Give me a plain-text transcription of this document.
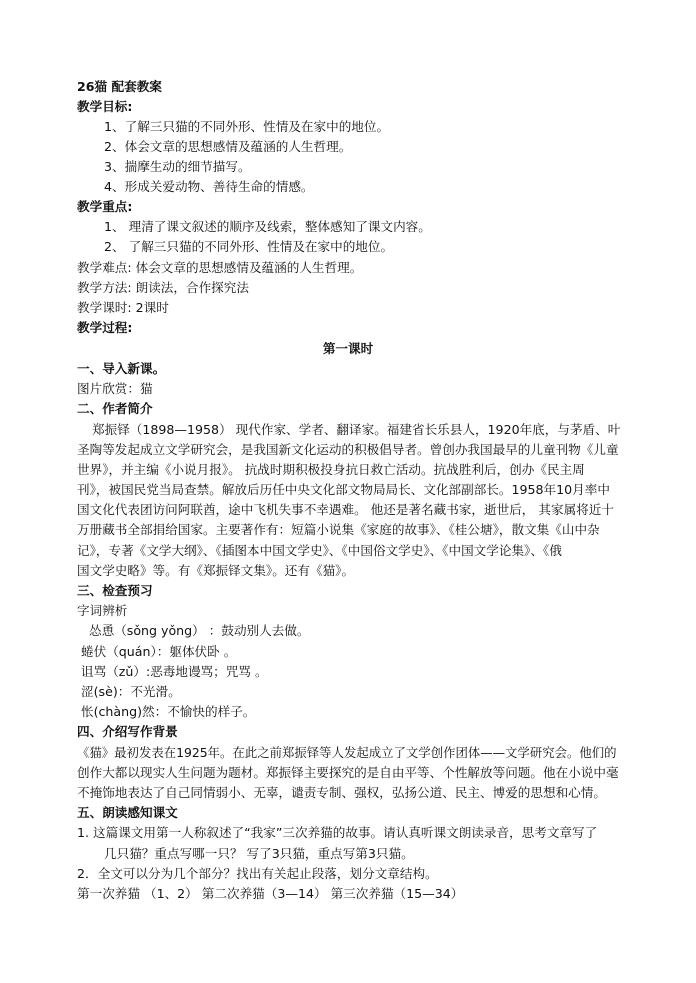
26猫 配套教案
教学目标:
1、了解三只猫的不同外形、性情及在家中的地位。
2、体会文章的思想感情及蕴涵的人生哲理。
3、揣摩生动的细节描写。
4、形成关爱动物、善待生命的情感。
教学重点:
1、 理清了课文叙述的顺序及线索，整体感知了课文内容。
2、 了解三只猫的不同外形、性情及在家中的地位。
教学难点: 体会文章的思想感情及蕴涵的人生哲理。
教学方法: 朗读法，合作探究法
教学课时: 2课时
教学过程:
第一课时
一、导入新课。
图片欣赏：猫
二、作者简介
郑振铎（1898—1958） 现代作家、学者、翻译家。福建省长乐县人，1920年底，与茅盾、叶
圣陶等发起成立文学研究会，是我国新文化运动的积极倡导者。曾创办我国最早的儿童刊物《儿童
世界》，并主编《小说月报》。 抗战时期积极投身抗日救亡活动。抗战胜利后，创办《民主周
刊》，被国民党当局查禁。解放后历任中央文化部文物局局长、文化部副部长。1958年10月率中
国文化代表团访问阿联酋，途中飞机失事不幸遇难。 他还是著名藏书家，逝世后， 其家属将近十
万册藏书全部捐给国家。主要著作有：短篇小说集《家庭的故事》、《桂公塘》，散文集《山中杂
记》，专著《文学大纲》、《插图本中国文学史》、《中国俗文学史》、《中国文学论集》、《俄
国文学史略》等。有《郑振铎文集》。还有《猫》。
三、检查预习
字词辨析
怂恿（sǒng yǒng） ：鼓动别人去做。
蜷伏（quán）：躯体伏卧 。
诅骂（zǔ）:恶毒地谩骂；咒骂 。
涩(sè)：不光滑。
怅(chàng)然：不愉快的样子。
四、介绍写作背景
《猫》最初发表在1925年。在此之前郑振铎等人发起成立了文学创作团体——文学研究会。他们的
创作大都以现实人生问题为题材。郑振铎主要探究的是自由平等、个性解放等问题。他在小说中毫
不掩饰地表达了自己同情弱小、无辜，谴责专制、强权，弘扬公道、民主、博爱的思想和心情。
五、朗读感知课文
1. 这篇课文用第一人称叙述了“我家”三次养猫的故事。请认真听课文朗读录音，思考文章写了
几只猫？重点写哪一只？ 写了3只猫，重点写第3只猫。
2．全文可以分为几个部分？找出有关起止段落，划分文章结构。
第一次养猫 （1、2） 第二次养猫（3—14） 第三次养猫（15—34）
